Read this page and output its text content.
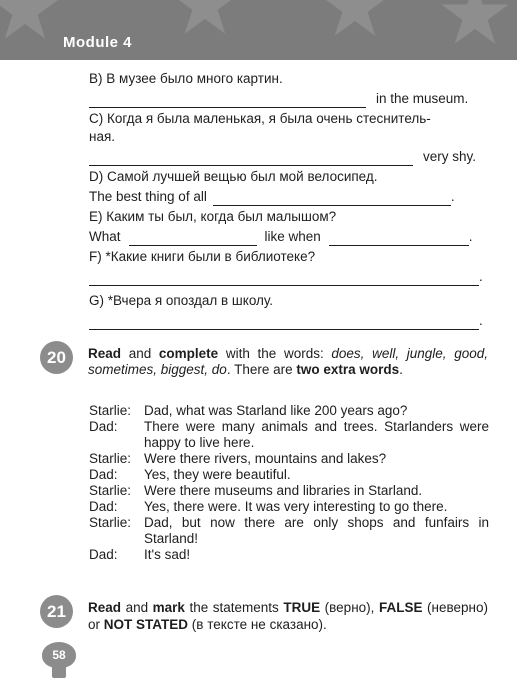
Module 4
B) В музее было много картин.
in the museum.
C) Когда я была маленькая, я была очень стеснитель-
ная.
very shy.
D) Самой лучшей вещью был мой велосипед.
The best thing of all	.
E) Каким ты был, когда был малышом?
What	like when	.
F) *Какие книги были в библиотеке?
.
G) *Вчера я опоздал в школу.
.
20	Read and complete with the words: does, well, jungle, good, sometimes, biggest, do. There are two extra words.
Starlie: Dad, what was Starland like 200 years ago?
Dad:	There were many animals and trees. Starlanders were happy to live here.
Starlie: Were there rivers, mountains and lakes?
Dad:	Yes, they were beautiful.
Starlie: Were there museums and libraries in Starland.
Dad:	Yes, there were. It was very interesting to go there.
Starlie: Dad, but now there are only shops and funfairs in Starland!
Dad:	It's sad!
21	Read and mark the statements TRUE (верно), FALSE (неверно) or NOT STATED (в тексте не сказано).
58
